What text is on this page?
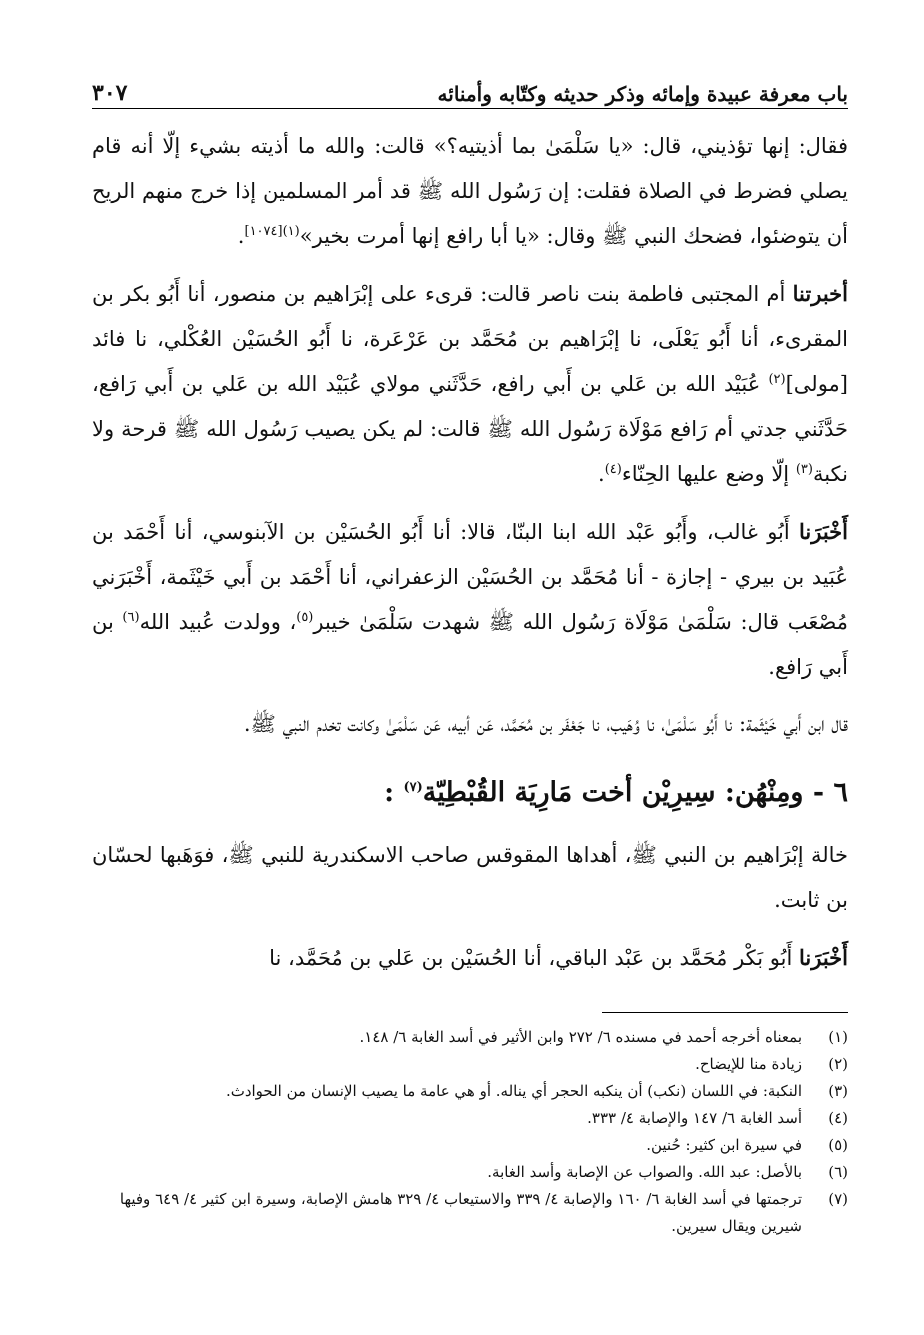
باب معرفة عبيدة وإمائه وذكر حديثه وكتّابه وأمنائه
٣٠٧

فقال: إنها تؤذيني، قال: «يا سَلْمَىٰ بما أذيتيه؟» قالت: والله ما أذيته بشيء إلّا أنه قام يصلي فضرط في الصلاة فقلت: إن رَسُول الله ﷺ قد أمر المسلمين إذا خرج منهم الريح أن يتوضئوا، فضحك النبي ﷺ وقال: «يا أبا رافع إنها أمرت بخير»$^{(١)[١٠٧٤]}$.

أخبرتنا أم المجتبى فاطمة بنت ناصر قالت: قرىء على إبْرَاهيم بن منصور، أنا أَبُو بكر بن المقرىء، أنا أَبُو يَعْلَى، نا إبْرَاهيم بن مُحَمَّد بن عَرْعَرة، نا أَبُو الحُسَيْن العُكْلي، نا فائد [مولى]$^{(٢)}$ عُبَيْد الله بن عَلي بن أَبي رافع، حَدَّثَني مولاي عُبَيْد الله بن عَلي بن أَبي رَافع، حَدَّثَني جدتي أم رَافع مَوْلَاة رَسُول الله ﷺ قالت: لم يكن يصيب رَسُول الله ﷺ قرحة ولا نكبة$^{(٣)}$ إلّا وضع عليها الحِنّاء$^{(٤)}$.

أَخْبَرَنا أَبُو غالب، وأَبُو عَبْد الله ابنا البنّا، قالا: أنا أَبُو الحُسَيْن بن الآبنوسي، أنا أَحْمَد بن عُبَيد بن بيري - إجازة - أنا مُحَمَّد بن الحُسَيْن الزعفراني، أنا أَحْمَد بن أَبي خَيْثَمة، أَخْبَرَني مُصْعَب قال: سَلْمَىٰ مَوْلَاة رَسُول الله ﷺ شهدت سَلْمَىٰ خيبر$^{(٥)}$، وولدت عُبيد الله$^{(٦)}$ بن أَبي رَافع.

قال ابن أَبي خَيْثَمة: نا أَبُو سَلْمَىٰ، نا وُهَيب، نا جَعْفَر بن مُحَمَّد، عَن أبيه، عَن سَلْمَىٰ وكانت تخدم النبي ﷺ.

٦ - ومِنْهُن: سِيرِيْن أخت مَارِيَة القُبْطِيّة$^{(٧)}$ :

خالة إبْرَاهيم بن النبي ﷺ، أهداها المقوقس صاحب الاسكندرية للنبي ﷺ، فوَهَبها لحسّان بن ثابت.

أَخْبَرَنا أَبُو بَكْر مُحَمَّد بن عَبْد الباقي، أنا الحُسَيْن بن عَلي بن مُحَمَّد، نا

(١)
بمعناه أخرجه أحمد في مسنده ٦/ ٢٧٢ وابن الأثير في أسد الغابة ٦/ ١٤٨.
(٢)
زيادة منا للإيضاح.
(٣)
النكبة: في اللسان (نكب) أن ينكبه الحجر أي يناله. أو هي عامة ما يصيب الإنسان من الحوادث.
(٤)
أسد الغابة ٦/ ١٤٧ والإصابة ٤/ ٣٣٣.
(٥)
في سيرة ابن كثير: حُنين.
(٦)
بالأصل: عبد الله. والصواب عن الإصابة وأسد الغابة.
(٧)
ترجمتها في أسد الغابة ٦/ ١٦٠ والإصابة ٤/ ٣٣٩ والاستيعاب ٤/ ٣٢٩ هامش الإصابة، وسيرة ابن كثير ٤/ ٦٤٩ وفيها شيرين ويقال سيرين.
